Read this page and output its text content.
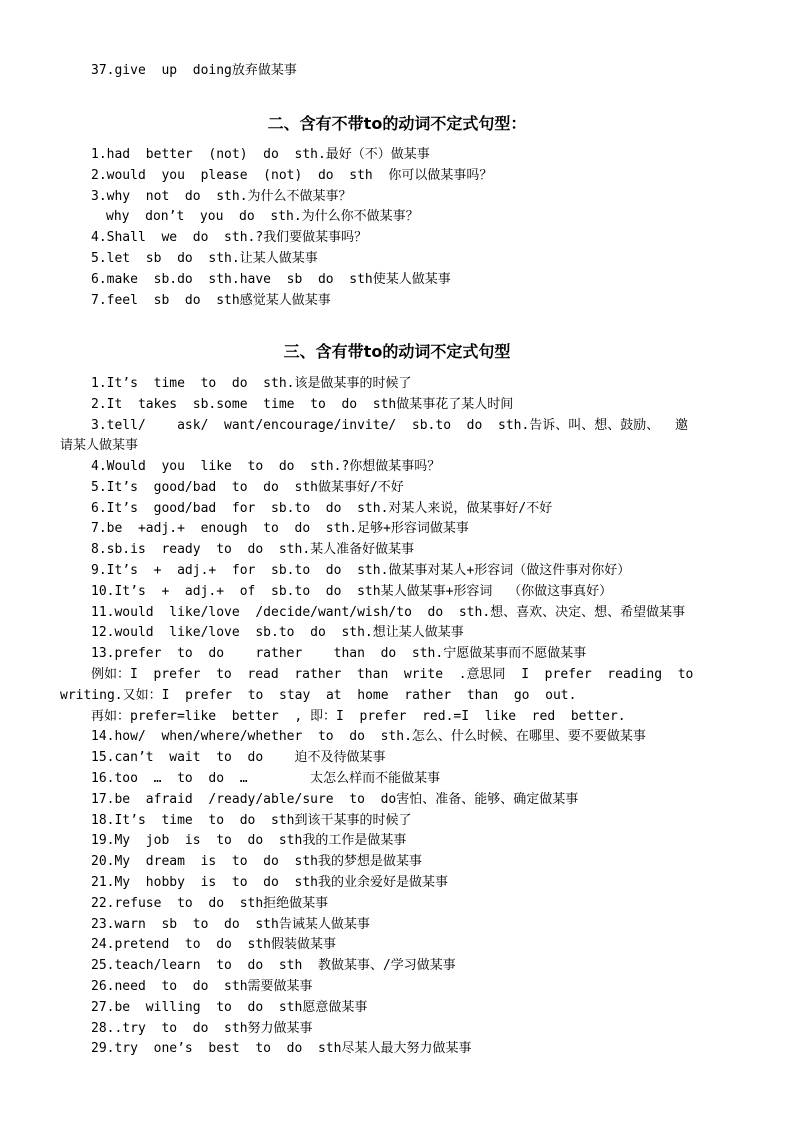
37.give  up  doing放弃做某事
二、含有不带to的动词不定式句型：
1.had  better  (not)  do  sth.最好（不）做某事
2.would  you  please  (not)  do  sth  你可以做某事吗？
3.why  not  do  sth.为什么不做某事？
why  don’t  you  do  sth.为什么你不做某事？
4.Shall  we  do  sth.?我们要做某事吗？
5.let  sb  do  sth.让某人做某事
6.make  sb.do  sth.have  sb  do  sth使某人做某事
7.feel  sb  do  sth感觉某人做某事
三、含有带to的动词不定式句型
1.It’s  time  to  do  sth.该是做某事的时候了
2.It  takes  sb.some  time  to  do  sth做某事花了某人时间
3.tell/    ask/  want/encourage/invite/  sb.to  do  sth.告诉、叫、想、鼓励、  邀
请某人做某事
4.Would  you  like  to  do  sth.?你想做某事吗？
5.It’s  good/bad  to  do  sth做某事好/不好
6.It’s  good/bad  for  sb.to  do  sth.对某人来说，做某事好/不好
7.be  +adj.+  enough  to  do  sth.足够+形容词做某事
8.sb.is  ready  to  do  sth.某人准备好做某事
9.It’s  +  adj.+  for  sb.to  do  sth.做某事对某人+形容词（做这件事对你好）
10.It’s  +  adj.+  of  sb.to  do  sth某人做某事+形容词  （你做这事真好）
11.would  like/love  /decide/want/wish/to  do  sth.想、喜欢、决定、想、希望做某事
12.would  like/love  sb.to  do  sth.想让某人做某事
13.prefer  to  do    rather    than  do  sth.宁愿做某事而不愿做某事
例如：I  prefer  to  read  rather  than  write  .意思同  I  prefer  reading  to
writing.又如：I  prefer  to  stay  at  home  rather  than  go  out.
再如：prefer=like  better  , 即：I  prefer  red.=I  like  red  better.
14.how/  when/where/whether  to  do  sth.怎么、什么时候、在哪里、要不要做某事
15.can’t  wait  to  do    迫不及待做某事
16.too  …  to  do  …        太怎么样而不能做某事
17.be  afraid  /ready/able/sure  to  do害怕、准备、能够、确定做某事
18.It’s  time  to  do  sth到该干某事的时候了
19.My  job  is  to  do  sth我的工作是做某事
20.My  dream  is  to  do  sth我的梦想是做某事
21.My  hobby  is  to  do  sth我的业余爱好是做某事
22.refuse  to  do  sth拒绝做某事
23.warn  sb  to  do  sth告诫某人做某事
24.pretend  to  do  sth假装做某事
25.teach/learn  to  do  sth  教做某事、/学习做某事
26.need  to  do  sth需要做某事
27.be  willing  to  do  sth愿意做某事
28..try  to  do  sth努力做某事
29.try  one’s  best  to  do  sth尽某人最大努力做某事
